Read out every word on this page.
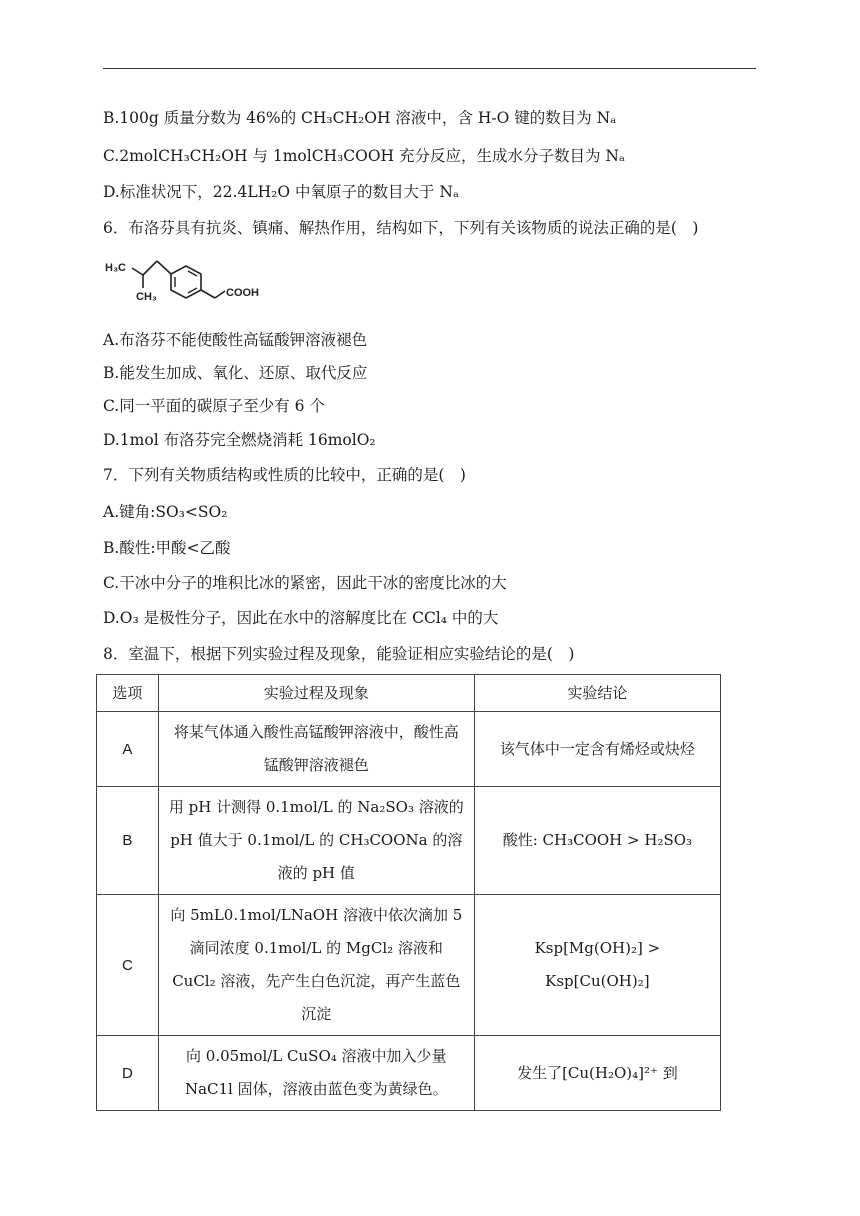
B.100g 质量分数为 46%的 CH₃CH₂OH 溶液中，含 H-O 键的数目为 Nₐ
C.2molCH₃CH₂OH 与 1molCH₃COOH 充分反应，生成水分子数目为 Nₐ
D.标准状况下，22.4LH₂O 中氧原子的数目大于 Nₐ
6．布洛芬具有抗炎、镇痛、解热作用，结构如下，下列有关该物质的说法正确的是(　)
H₃C
CH₃	COOH
A.布洛芬不能使酸性高锰酸钾溶液褪色
B.能发生加成、氧化、还原、取代反应
C.同一平面的碳原子至少有 6 个
D.1mol 布洛芬完全燃烧消耗 16molO₂
7．下列有关物质结构或性质的比较中，正确的是(　)
A.键角:SO₃<SO₂
B.酸性:甲酸<乙酸
C.干冰中分子的堆积比冰的紧密，因此干冰的密度比冰的大
D.O₃ 是极性分子，因此在水中的溶解度比在 CCl₄ 中的大
8．室温下，根据下列实验过程及现象，能验证相应实验结论的是(　)
选项	实验过程及现象	实验结论
A	将某气体通入酸性高锰酸钾溶液中，酸性高锰酸钾溶液褪色	该气体中一定含有烯烃或炔烃
B	用 pH 计测得 0.1mol/L 的 Na₂SO₃ 溶液的 pH 值大于 0.1mol/L 的 CH₃COONa 的溶液的 pH 值	酸性: CH₃COOH > H₂SO₃
C	向 5mL0.1mol/LNaOH 溶液中依次滴加 5 滴同浓度 0.1mol/L 的 MgCl₂ 溶液和 CuCl₂ 溶液，先产生白色沉淀，再产生蓝色沉淀	Ksp[Mg(OH)₂] > Ksp[Cu(OH)₂]
D	向 0.05mol/L CuSO₄ 溶液中加入少量 NaC1l 固体，溶液由蓝色变为黄绿色。	发生了[Cu(H₂O)₄]²⁺ 到
